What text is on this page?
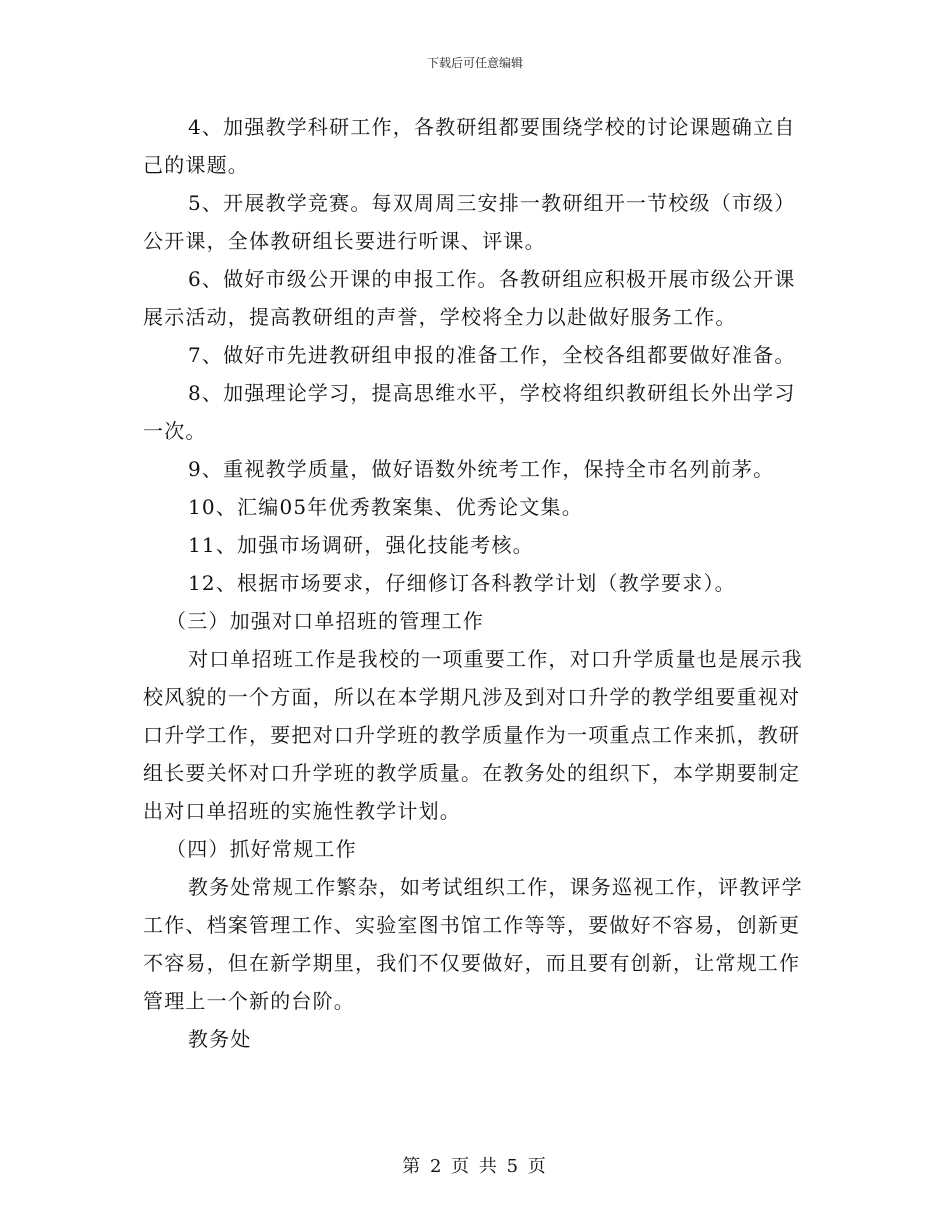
下载后可任意编辑

4、加强教学科研工作，各教研组都要围绕学校的讨论课题确立自己的课题。

5、开展教学竞赛。每双周周三安排一教研组开一节校级（市级）公开课，全体教研组长要进行听课、评课。

6、做好市级公开课的申报工作。各教研组应积极开展市级公开课展示活动，提高教研组的声誉，学校将全力以赴做好服务工作。

7、做好市先进教研组申报的准备工作，全校各组都要做好准备。

8、加强理论学习，提高思维水平，学校将组织教研组长外出学习一次。

9、重视教学质量，做好语数外统考工作，保持全市名列前茅。

10、汇编05年优秀教案集、优秀论文集。

11、加强市场调研，强化技能考核。

12、根据市场要求，仔细修订各科教学计划（教学要求）。

（三）加强对口单招班的管理工作

对口单招班工作是我校的一项重要工作，对口升学质量也是展示我校风貌的一个方面，所以在本学期凡涉及到对口升学的教学组要重视对口升学工作，要把对口升学班的教学质量作为一项重点工作来抓，教研组长要关怀对口升学班的教学质量。在教务处的组织下，本学期要制定出对口单招班的实施性教学计划。

（四）抓好常规工作

教务处常规工作繁杂，如考试组织工作，课务巡视工作，评教评学工作、档案管理工作、实验室图书馆工作等等，要做好不容易，创新更不容易，但在新学期里，我们不仅要做好，而且要有创新，让常规工作管理上一个新的台阶。

教务处

第 2 页 共 5 页
